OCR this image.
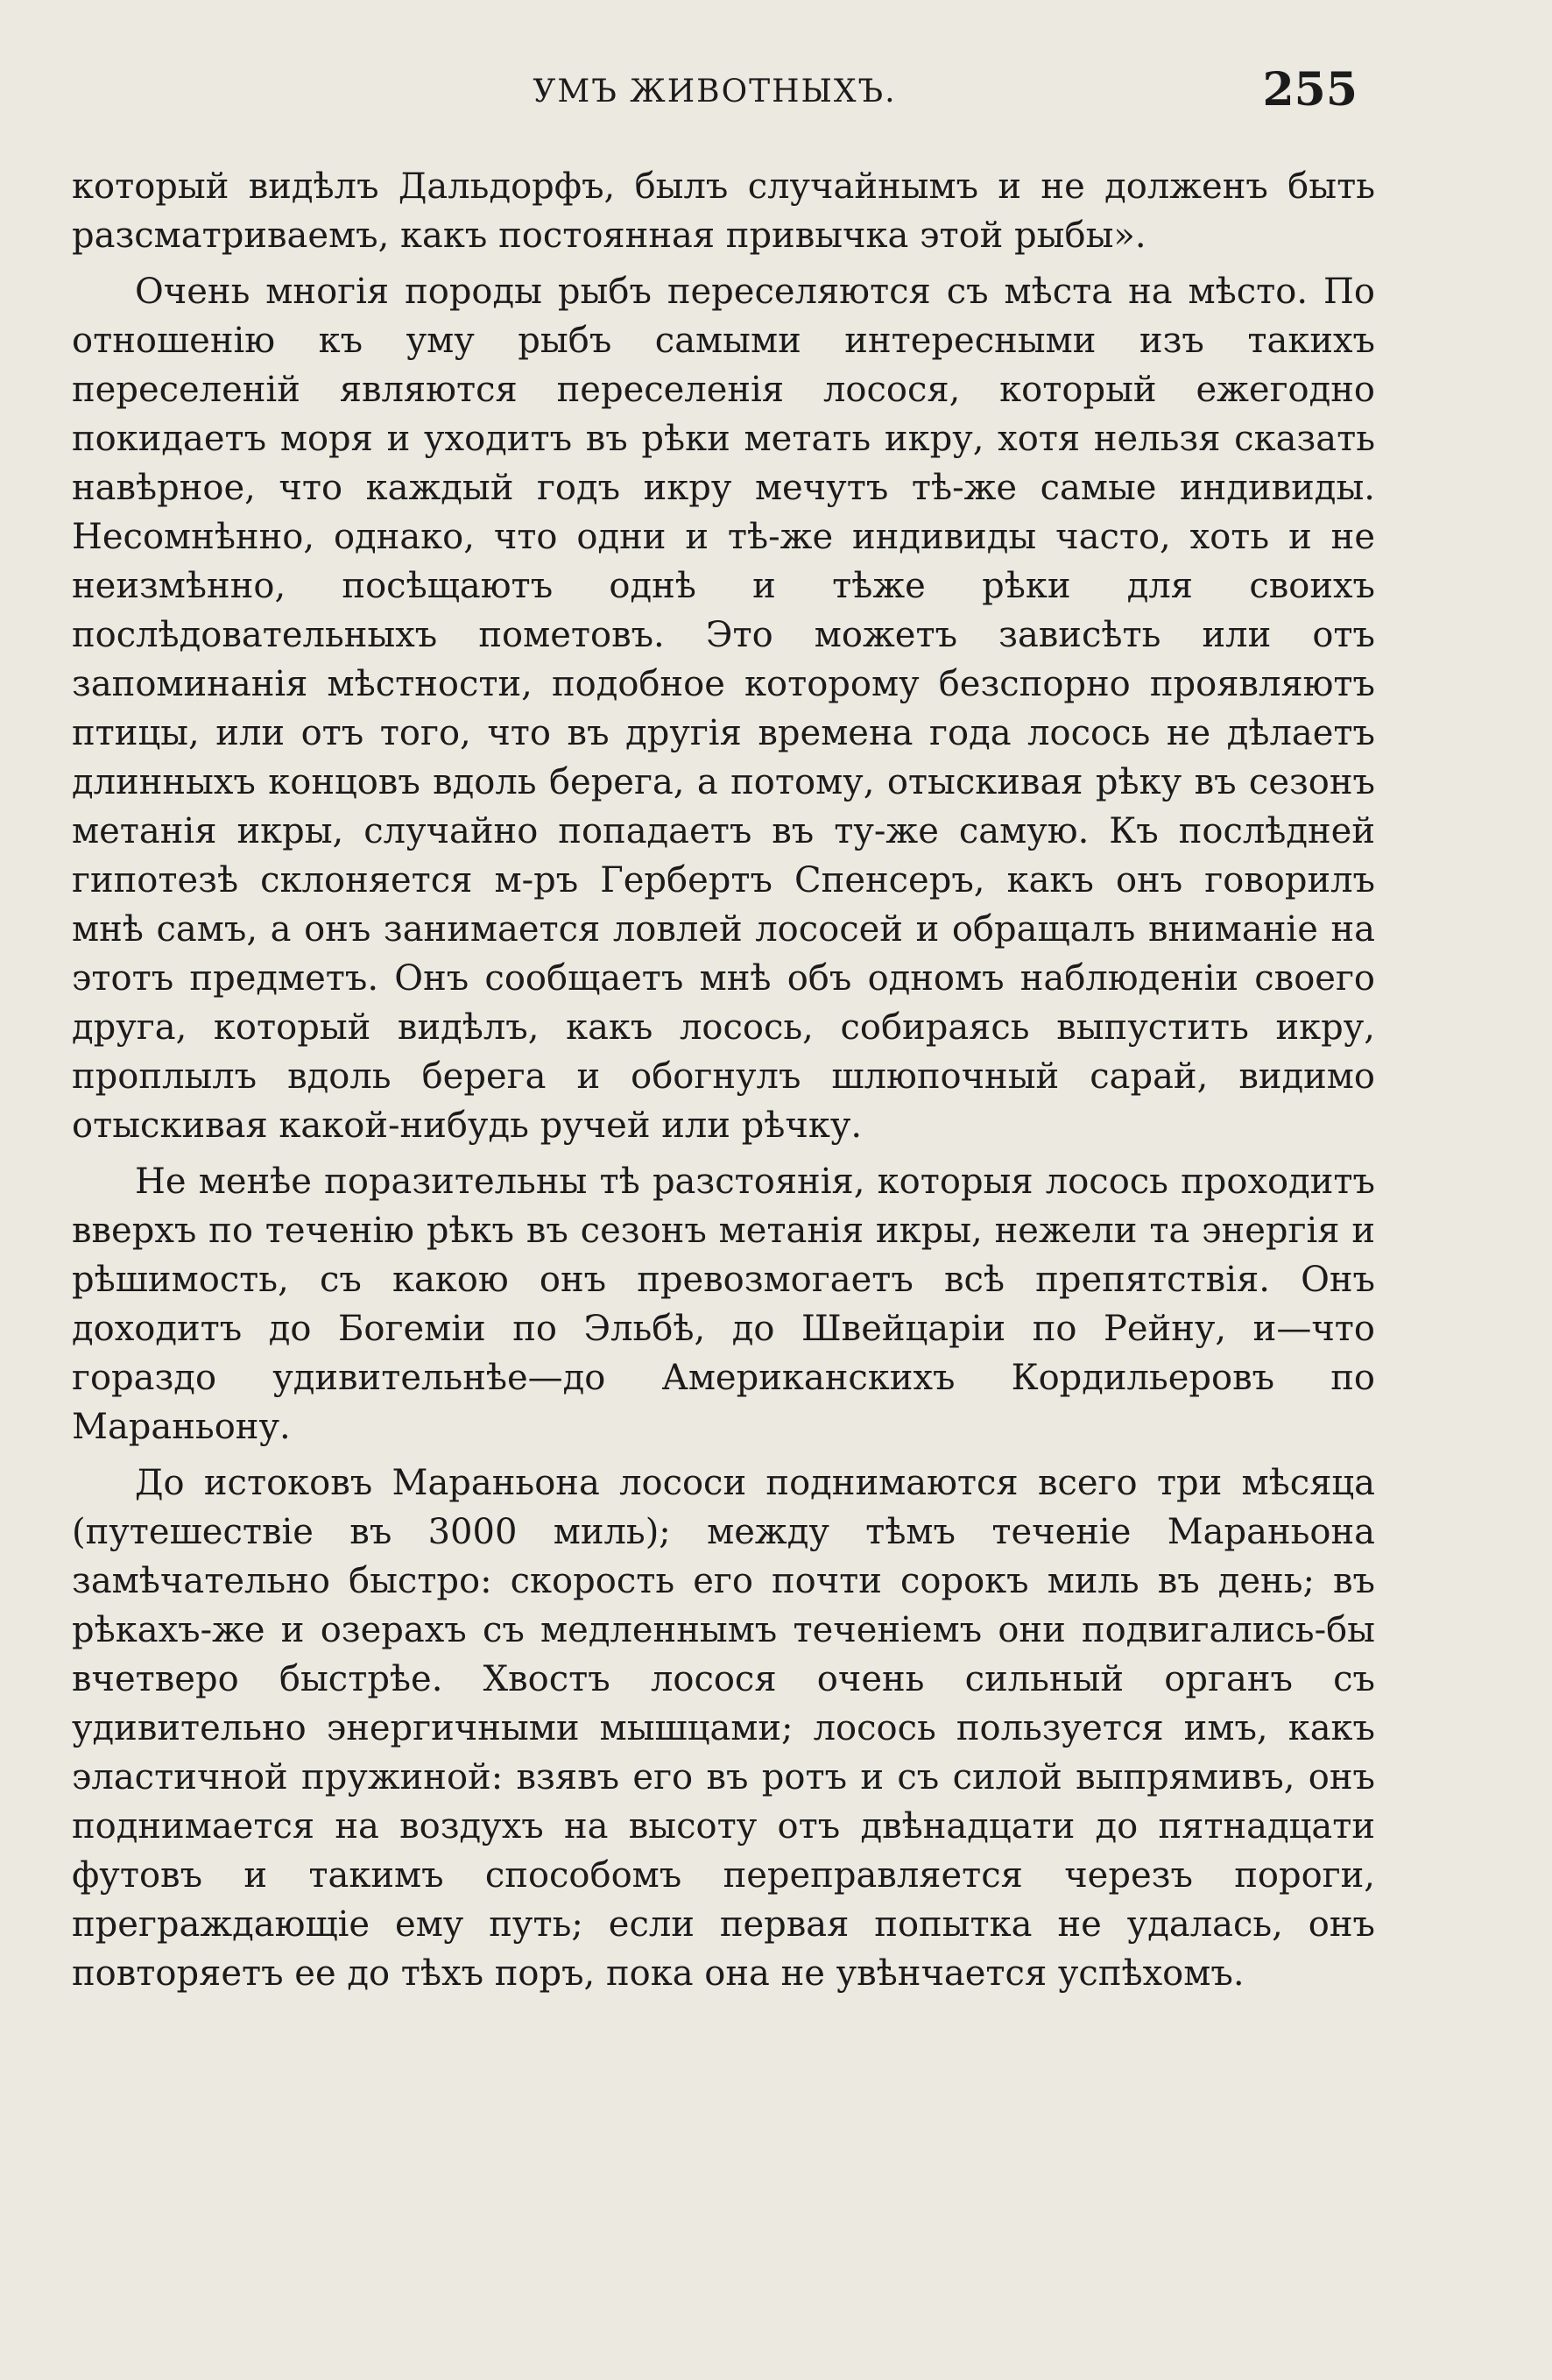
УМЪ ЖИВОТНЫХЪ.	255

который видѣлъ Дальдорфъ, былъ случайнымъ и не долженъ быть разсматриваемъ, какъ постоянная привычка этой рыбы».

Очень многія породы рыбъ переселяются съ мѣста на мѣсто. По отношенію къ уму рыбъ самыми интересными изъ такихъ переселеній являются переселенія лосося, который ежегодно покидаетъ моря и уходитъ въ рѣки метать икру, хотя нельзя сказать навѣрное, что каждый годъ икру мечутъ тѣ-же самые индивиды. Несомнѣнно, однако, что одни и тѣ-же индивиды часто, хоть и не неизмѣнно, посѣщаютъ однѣ и тѣже рѣки для своихъ послѣдовательныхъ пометовъ. Это можетъ зависѣть или отъ запоминанія мѣстности, подобное которому безспорно проявляютъ птицы, или отъ того, что въ другія времена года лосось не дѣлаетъ длинныхъ концовъ вдоль берега, а потому, отыскивая рѣку въ сезонъ метанія икры, случайно попадаетъ въ ту-же самую. Къ послѣдней гипотезѣ склоняется м-ръ Гербертъ Спенсеръ, какъ онъ говорилъ мнѣ самъ, а онъ занимается ловлей лососей и обращалъ вниманіе на этотъ предметъ. Онъ сообщаетъ мнѣ объ одномъ наблюденіи своего друга, который видѣлъ, какъ лосось, собираясь выпустить икру, проплылъ вдоль берега и обогнулъ шлюпочный сарай, видимо отыскивая какой-нибудь ручей или рѣчку.

Не менѣе поразительны тѣ разстоянія, которыя лосось проходитъ вверхъ по теченію рѣкъ въ сезонъ метанія икры, нежели та энергія и рѣшимость, съ какою онъ превозмогаетъ всѣ препятствія. Онъ доходитъ до Богеміи по Эльбѣ, до Швейцаріи по Рейну, и—что гораздо удивительнѣе—до Американскихъ Кордильеровъ по Мараньону.

До истоковъ Мараньона лососи поднимаются всего три мѣсяца (путешествіе въ 3000 миль); между тѣмъ теченіе Мараньона замѣчательно быстро: скорость его почти сорокъ миль въ день; въ рѣкахъ-же и озерахъ съ медленнымъ теченіемъ они подвигались-бы вчетверо быстрѣе. Хвостъ лосося очень сильный органъ съ удивительно энергичными мышцами; лосось пользуется имъ, какъ эластичной пружиной: взявъ его въ ротъ и съ силой выпрямивъ, онъ поднимается на воздухъ на высоту отъ двѣнадцати до пятнадцати футовъ и такимъ способомъ переправляется черезъ пороги, преграждающіе ему путь; если первая попытка не удалась, онъ повторяетъ ее до тѣхъ поръ, пока она не увѣнчается успѣхомъ.
